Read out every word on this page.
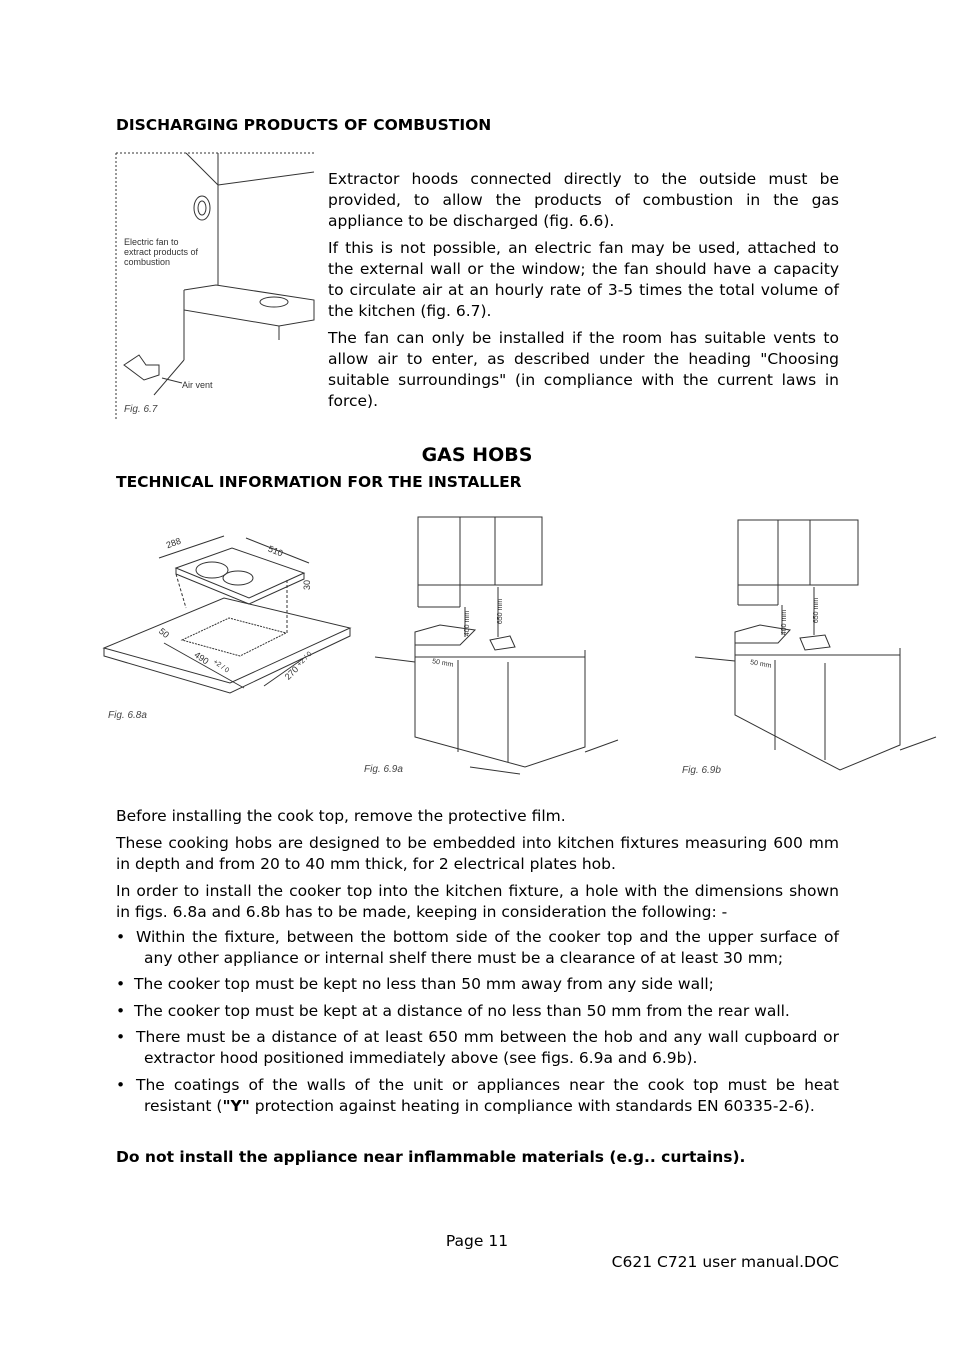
DISCHARGING PRODUCTS OF COMBUSTION
Electric fan to
extract products of
combustion
Air vent
Fig. 6.7

Extractor hoods connected directly to the outside must be provided, to allow the products of combustion in the gas appliance to be discharged (fig. 6.6).

If this is not possible, an electric fan may be used, attached to the external wall or the window; the fan should have a capacity to circulate air at an hourly rate of 3-5 times the total volume of the kitchen (fig. 6.7).

The fan can only be installed if the room has suitable vents to allow air to enter, as described under the heading "Choosing suitable surroundings" (in compliance with the current laws in force).

GAS HOBS
TECHNICAL INFORMATION FOR THE INSTALLER
288
510
30
50
490
+2 / 0	270
+2 / 0
Fig. 6.8a
400 mm	650 mm
50 mm
Fig. 6.9a
400 mm	650 mm
50 mm
Fig. 6.9b

Before installing the cook top, remove the protective film.

These cooking hobs are designed to be embedded into kitchen fixtures measuring 600 mm in depth and from 20 to 40 mm thick, for 2 electrical plates hob.

In order to install the cooker top into the kitchen fixture, a hole with the dimensions shown in figs. 6.8a and 6.8b has to be made, keeping in consideration the following: -

• Within the fixture, between the bottom side of the cooker top and the upper surface of any other appliance or internal shelf there must be a clearance of at least 30 mm;
• The cooker top must be kept no less than 50 mm away from any side wall;
• The cooker top must be kept at a distance of no less than 50 mm from the rear wall.
• There must be a distance of at least 650 mm between the hob and any wall cupboard or extractor hood positioned immediately above (see figs. 6.9a and 6.9b).
• The coatings of the walls of the unit or appliances near the cook top must be heat resistant ("Y" protection against heating in compliance with standards EN 60335-2-6).
Do not install the appliance near inflammable materials (e.g.. curtains).
Page 11
C621 C721 user manual.DOC
